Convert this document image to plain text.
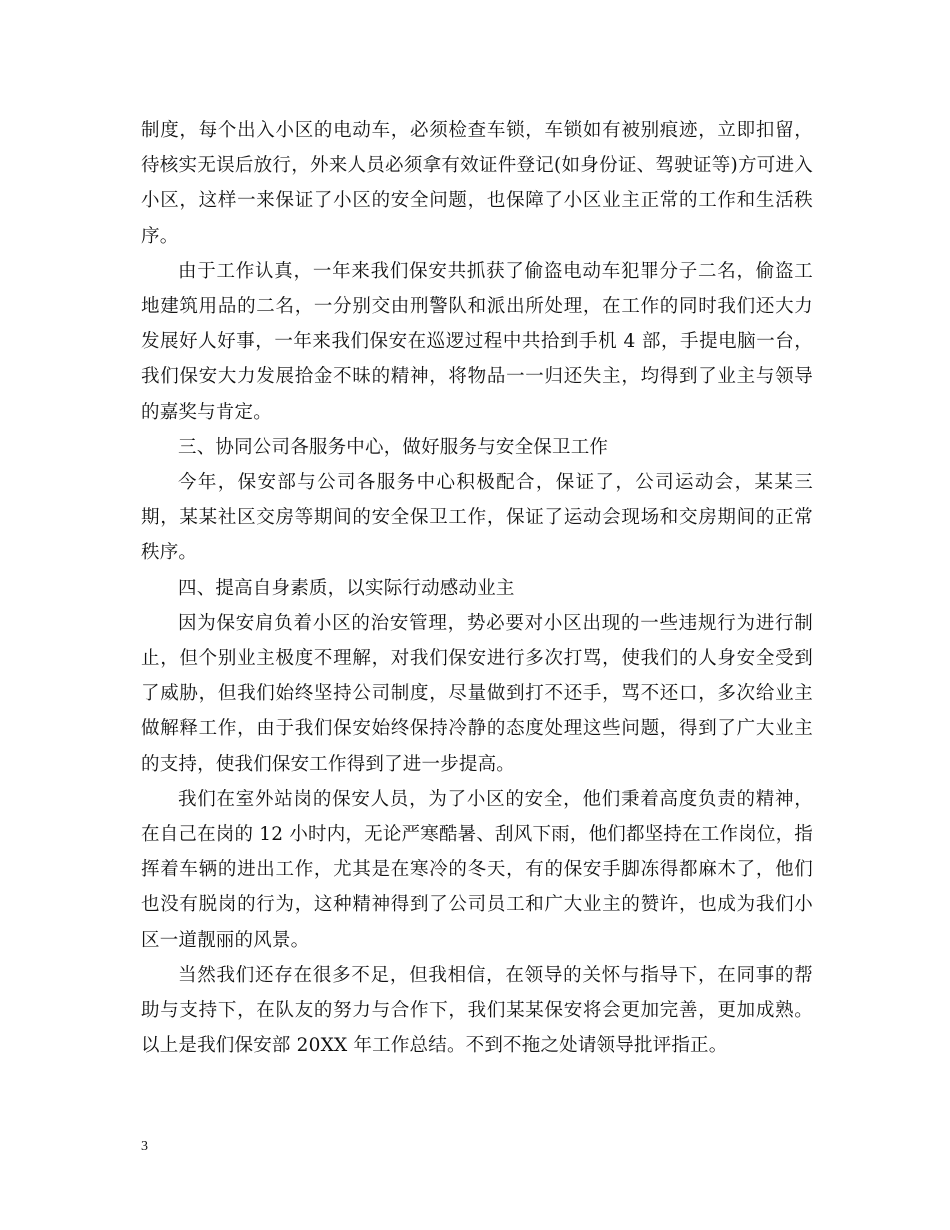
制度，每个出入小区的电动车，必须检查车锁，车锁如有被别痕迹，立即扣留，待核实无误后放行，外来人员必须拿有效证件登记(如身份证、驾驶证等)方可进入小区，这样一来保证了小区的安全问题，也保障了小区业主正常的工作和生活秩序。

由于工作认真，一年来我们保安共抓获了偷盗电动车犯罪分子二名，偷盗工地建筑用品的二名，一分别交由刑警队和派出所处理，在工作的同时我们还大力发展好人好事，一年来我们保安在巡逻过程中共拾到手机 4 部，手提电脑一台，我们保安大力发展拾金不昧的精神，将物品一一归还失主，均得到了业主与领导的嘉奖与肯定。

三、协同公司各服务中心，做好服务与安全保卫工作

今年，保安部与公司各服务中心积极配合，保证了，公司运动会，某某三期，某某社区交房等期间的安全保卫工作，保证了运动会现场和交房期间的正常秩序。

四、提高自身素质，以实际行动感动业主

因为保安肩负着小区的治安管理，势必要对小区出现的一些违规行为进行制止，但个别业主极度不理解，对我们保安进行多次打骂，使我们的人身安全受到了威胁，但我们始终坚持公司制度，尽量做到打不还手，骂不还口，多次给业主做解释工作，由于我们保安始终保持冷静的态度处理这些问题，得到了广大业主的支持，使我们保安工作得到了进一步提高。

我们在室外站岗的保安人员，为了小区的安全，他们秉着高度负责的精神，在自己在岗的 12 小时内，无论严寒酷暑、刮风下雨，他们都坚持在工作岗位，指挥着车辆的进出工作，尤其是在寒冷的冬天，有的保安手脚冻得都麻木了，他们也没有脱岗的行为，这种精神得到了公司员工和广大业主的赞许，也成为我们小区一道靓丽的风景。

当然我们还存在很多不足，但我相信，在领导的关怀与指导下，在同事的帮助与支持下，在队友的努力与合作下，我们某某保安将会更加完善，更加成熟。以上是我们保安部 20XX 年工作总结。不到不拖之处请领导批评指正。

3
